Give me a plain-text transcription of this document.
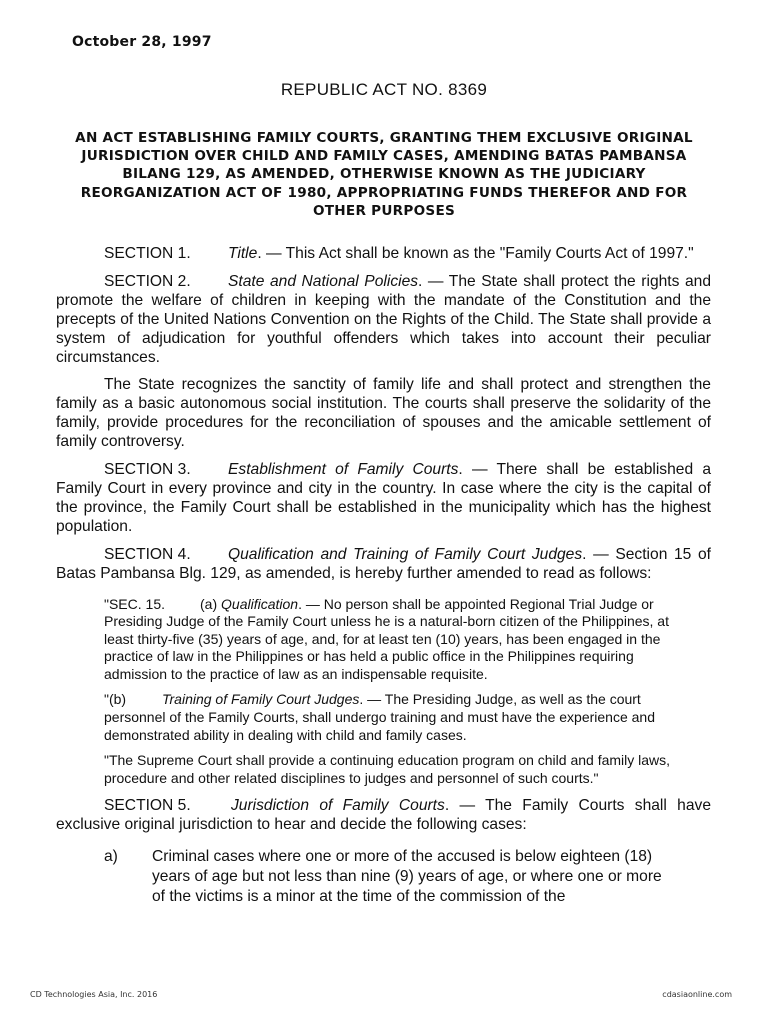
October 28, 1997
REPUBLIC ACT NO. 8369
AN ACT ESTABLISHING FAMILY COURTS, GRANTING THEM EXCLUSIVE ORIGINAL JURISDICTION OVER CHILD AND FAMILY CASES, AMENDING BATAS PAMBANSA BILANG 129, AS AMENDED, OTHERWISE KNOWN AS THE JUDICIARY REORGANIZATION ACT OF 1980, APPROPRIATING FUNDS THEREFOR AND FOR OTHER PURPOSES

SECTION 1. Title. — This Act shall be known as the "Family Courts Act of 1997."

SECTION 2. State and National Policies. — The State shall protect the rights and promote the welfare of children in keeping with the mandate of the Constitution and the precepts of the United Nations Convention on the Rights of the Child. The State shall provide a system of adjudication for youthful offenders which takes into account their peculiar circumstances.

The State recognizes the sanctity of family life and shall protect and strengthen the family as a basic autonomous social institution. The courts shall preserve the solidarity of the family, provide procedures for the reconciliation of spouses and the amicable settlement of family controversy.

SECTION 3. Establishment of Family Courts. — There shall be established a Family Court in every province and city in the country. In case where the city is the capital of the province, the Family Court shall be established in the municipality which has the highest population.

SECTION 4. Qualification and Training of Family Court Judges. — Section 15 of Batas Pambansa Blg. 129, as amended, is hereby further amended to read as follows:

"SEC. 15.	(a) Qualification. — No person shall be appointed Regional Trial Judge or Presiding Judge of the Family Court unless he is a natural-born citizen of the Philippines, at least thirty-five (35) years of age, and, for at least ten (10) years, has been engaged in the practice of law in the Philippines or has held a public office in the Philippines requiring admission to the practice of law as an indispensable requisite.

"(b)	Training of Family Court Judges. — The Presiding Judge, as well as the court personnel of the Family Courts, shall undergo training and must have the experience and demonstrated ability in dealing with child and family cases.

"The Supreme Court shall provide a continuing education program on child and family laws, procedure and other related disciplines to judges and personnel of such courts."

SECTION 5.	Jurisdiction of Family Courts. — The Family Courts shall have exclusive original jurisdiction to hear and decide the following cases:

a) Criminal cases where one or more of the accused is below eighteen (18) years of age but not less than nine (9) years of age, or where one or more of the victims is a minor at the time of the commission of the
CD Technologies Asia, Inc. 2016	cdasiaonline.com
